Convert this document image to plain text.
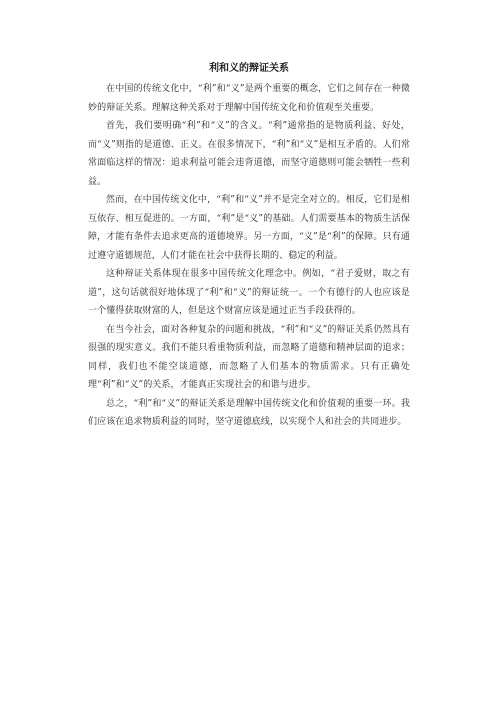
利和义的辩证关系

在中国的传统文化中，“利”和“义”是两个重要的概念，它们之间存在一种微妙的辩证关系。理解这种关系对于理解中国传统文化和价值观至关重要。

首先，我们要明确“利”和“义”的含义。“利”通常指的是物质利益、好处，而“义”则指的是道德、正义。在很多情况下，“利”和“义”是相互矛盾的。人们常常面临这样的情况：追求利益可能会违背道德，而坚守道德则可能会牺牲一些利益。

然而，在中国传统文化中，“利”和“义”并不是完全对立的。相反，它们是相互依存、相互促进的。一方面，“利”是“义”的基础。人们需要基本的物质生活保障，才能有条件去追求更高的道德境界。另一方面，“义”是“利”的保障。只有通过遵守道德规范，人们才能在社会中获得长期的、稳定的利益。

这种辩证关系体现在很多中国传统文化理念中。例如，“君子爱财，取之有道”，这句话就很好地体现了“利”和“义”的辩证统一。一个有德行的人也应该是一个懂得获取财富的人，但是这个财富应该是通过正当手段获得的。

在当今社会，面对各种复杂的问题和挑战，“利”和“义”的辩证关系仍然具有很强的现实意义。我们不能只看重物质利益，而忽略了道德和精神层面的追求；同样，我们也不能空谈道德，而忽略了人们基本的物质需求。只有正确处理“利”和“义”的关系，才能真正实现社会的和谐与进步。

总之，“利”和“义”的辩证关系是理解中国传统文化和价值观的重要一环。我们应该在追求物质利益的同时，坚守道德底线，以实现个人和社会的共同进步。
